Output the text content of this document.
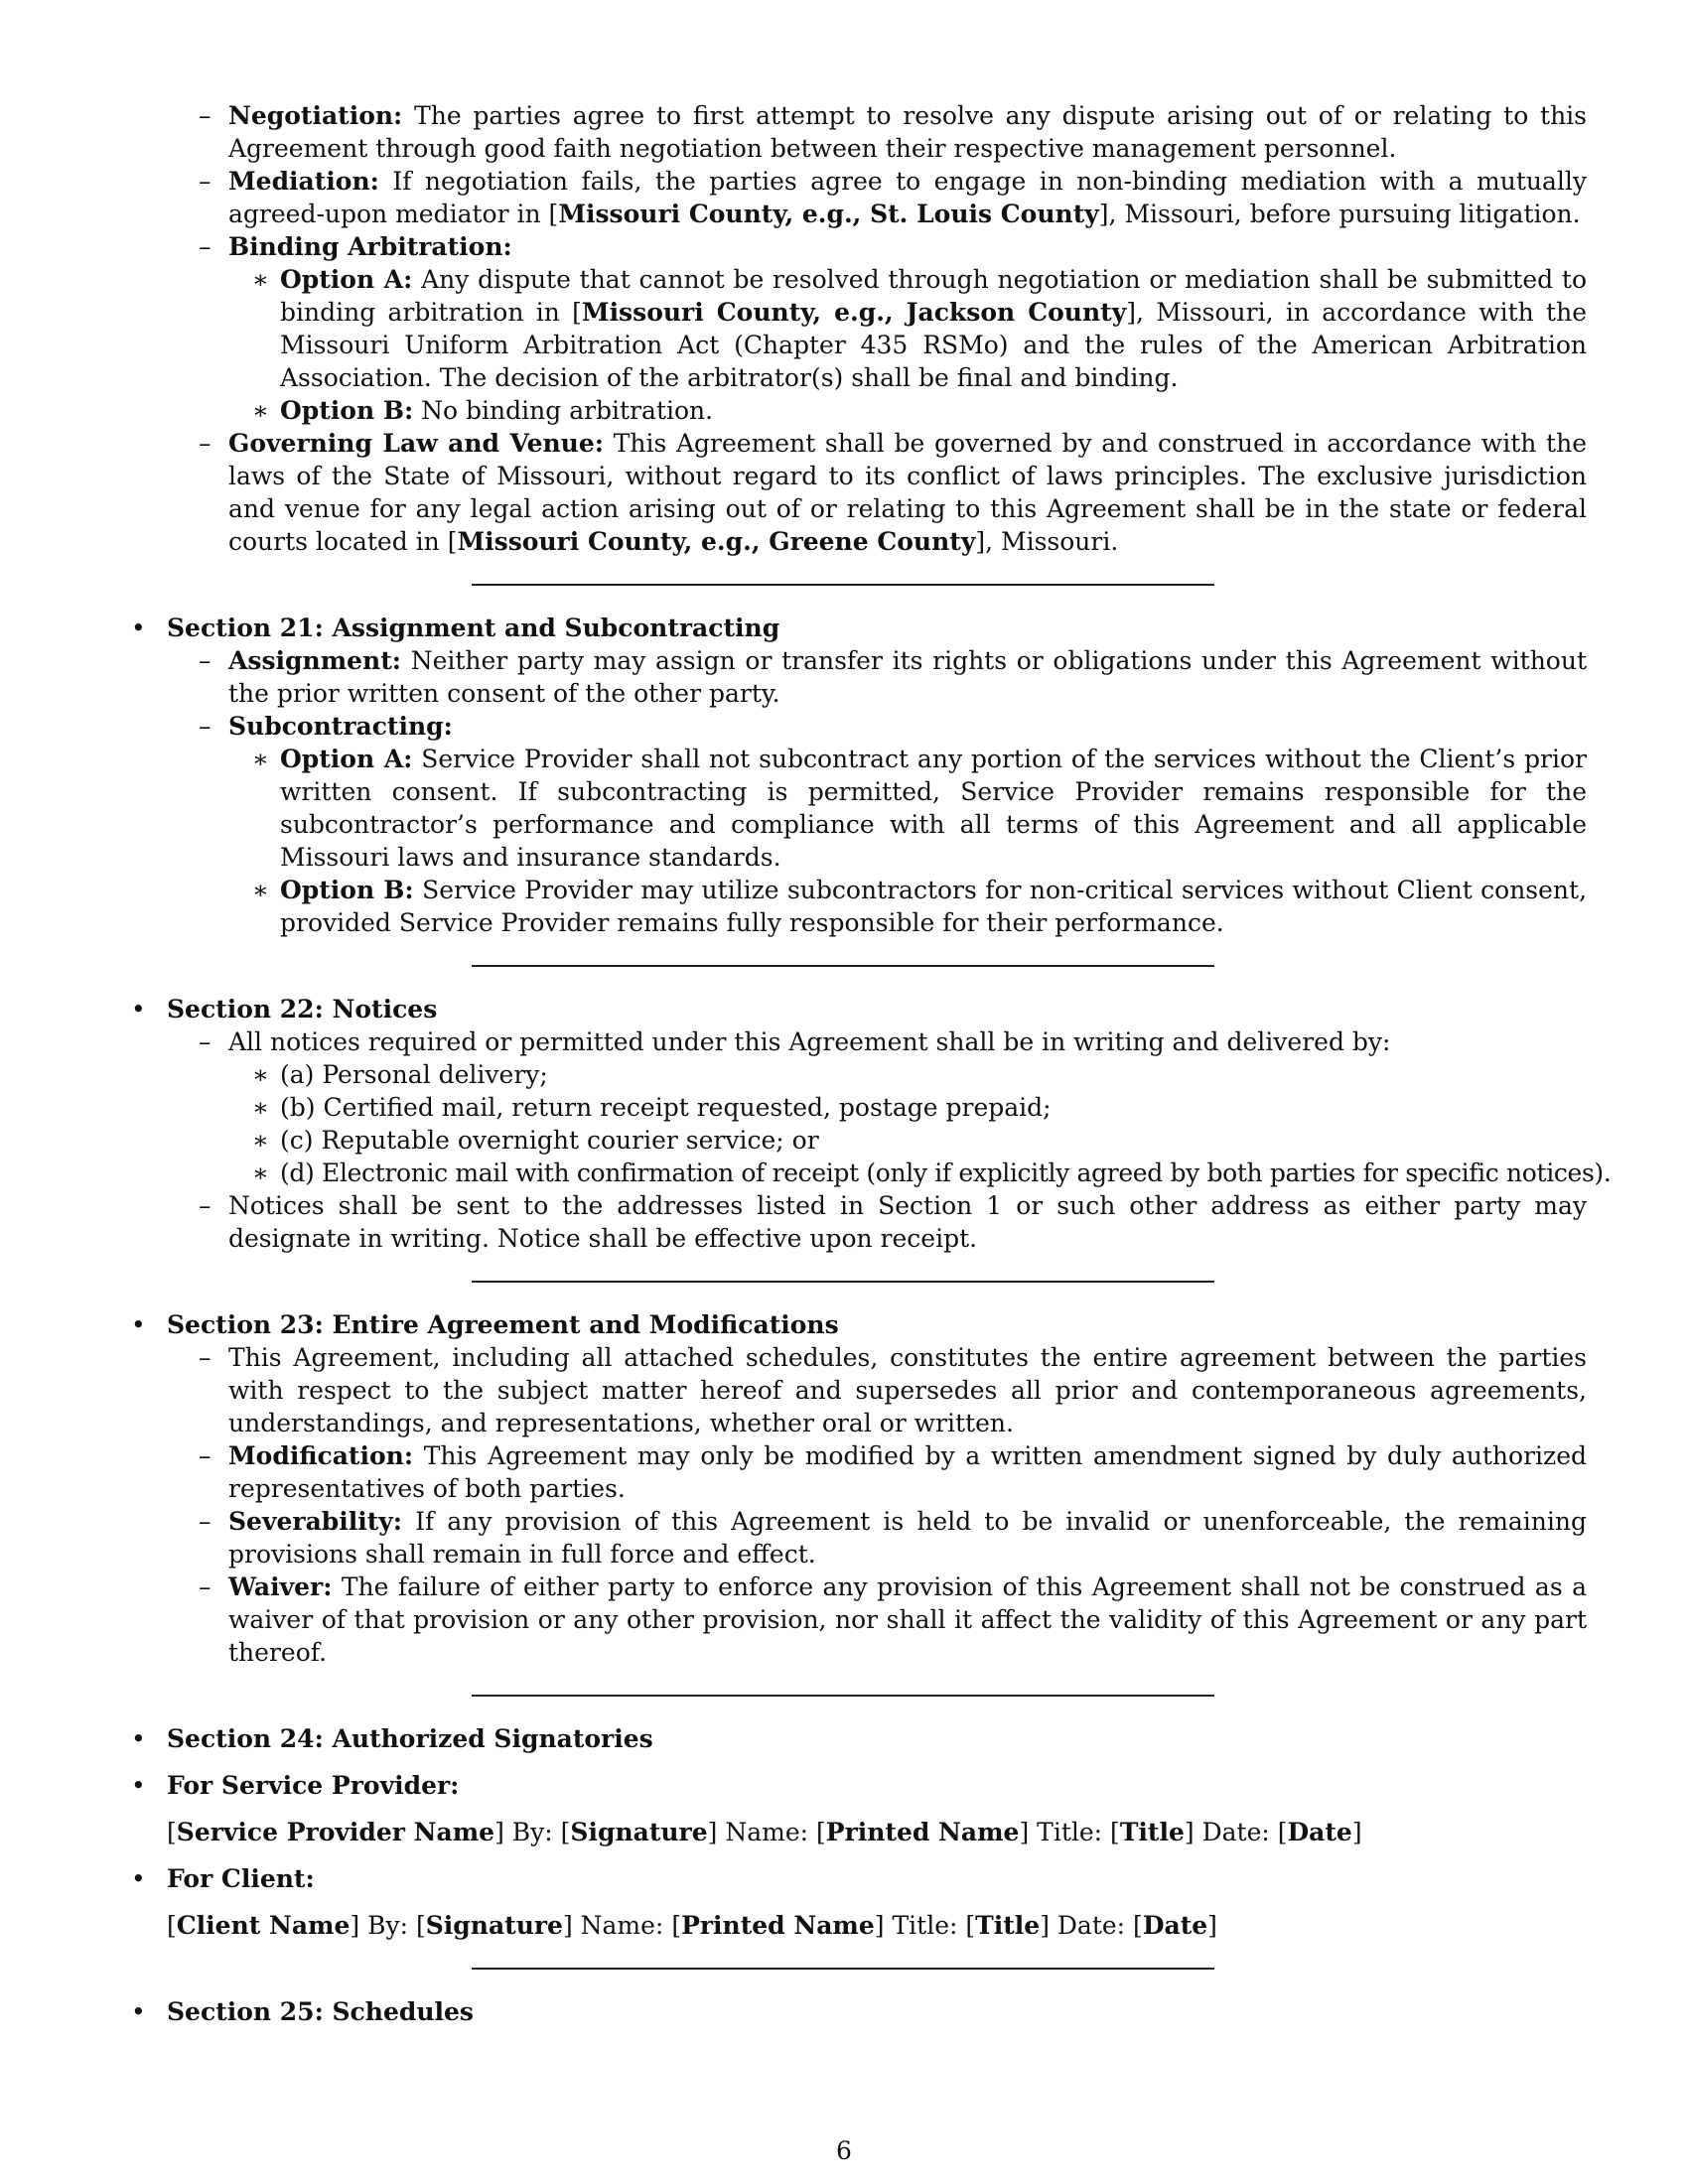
– Negotiation: The parties agree to first attempt to resolve any dispute arising out of or relating to this Agreement through good faith negotiation between their respective management personnel.
– Mediation: If negotiation fails, the parties agree to engage in non-binding mediation with a mutually agreed-upon mediator in [Missouri County, e.g., St. Louis County], Missouri, before pursuing litigation.
– Binding Arbitration:
∗ Option A: Any dispute that cannot be resolved through negotiation or mediation shall be submitted to binding arbitration in [Missouri County, e.g., Jackson County], Missouri, in accordance with the Missouri Uniform Arbitration Act (Chapter 435 RSMo) and the rules of the American Arbitration Association. The decision of the arbitrator(s) shall be final and binding.
∗ Option B: No binding arbitration.
– Governing Law and Venue: This Agreement shall be governed by and construed in accordance with the laws of the State of Missouri, without regard to its conflict of laws principles. The exclusive jurisdiction and venue for any legal action arising out of or relating to this Agreement shall be in the state or federal courts located in [Missouri County, e.g., Greene County], Missouri.
• Section 21: Assignment and Subcontracting
– Assignment: Neither party may assign or transfer its rights or obligations under this Agreement without the prior written consent of the other party.
– Subcontracting:
∗ Option A: Service Provider shall not subcontract any portion of the services without the Client’s prior written consent. If subcontracting is permitted, Service Provider remains responsible for the subcontractor’s performance and compliance with all terms of this Agreement and all applicable Missouri laws and insurance standards.
∗ Option B: Service Provider may utilize subcontractors for non-critical services without Client consent, provided Service Provider remains fully responsible for their performance.
• Section 22: Notices
– All notices required or permitted under this Agreement shall be in writing and delivered by:
∗ (a) Personal delivery;
∗ (b) Certified mail, return receipt requested, postage prepaid;
∗ (c) Reputable overnight courier service; or
∗ (d) Electronic mail with confirmation of receipt (only if explicitly agreed by both parties for specific notices).
– Notices shall be sent to the addresses listed in Section 1 or such other address as either party may designate in writing. Notice shall be effective upon receipt.
• Section 23: Entire Agreement and Modifications
– This Agreement, including all attached schedules, constitutes the entire agreement between the parties with respect to the subject matter hereof and supersedes all prior and contemporaneous agreements, understandings, and representations, whether oral or written.
– Modification: This Agreement may only be modified by a written amendment signed by duly authorized representatives of both parties.
– Severability: If any provision of this Agreement is held to be invalid or unenforceable, the remaining provisions shall remain in full force and effect.
– Waiver: The failure of either party to enforce any provision of this Agreement shall not be construed as a waiver of that provision or any other provision, nor shall it affect the validity of this Agreement or any part thereof.
• Section 24: Authorized Signatories
• For Service Provider:
[Service Provider Name] By: [Signature] Name: [Printed Name] Title: [Title] Date: [Date]
• For Client:
[Client Name] By: [Signature] Name: [Printed Name] Title: [Title] Date: [Date]
• Section 25: Schedules
6
